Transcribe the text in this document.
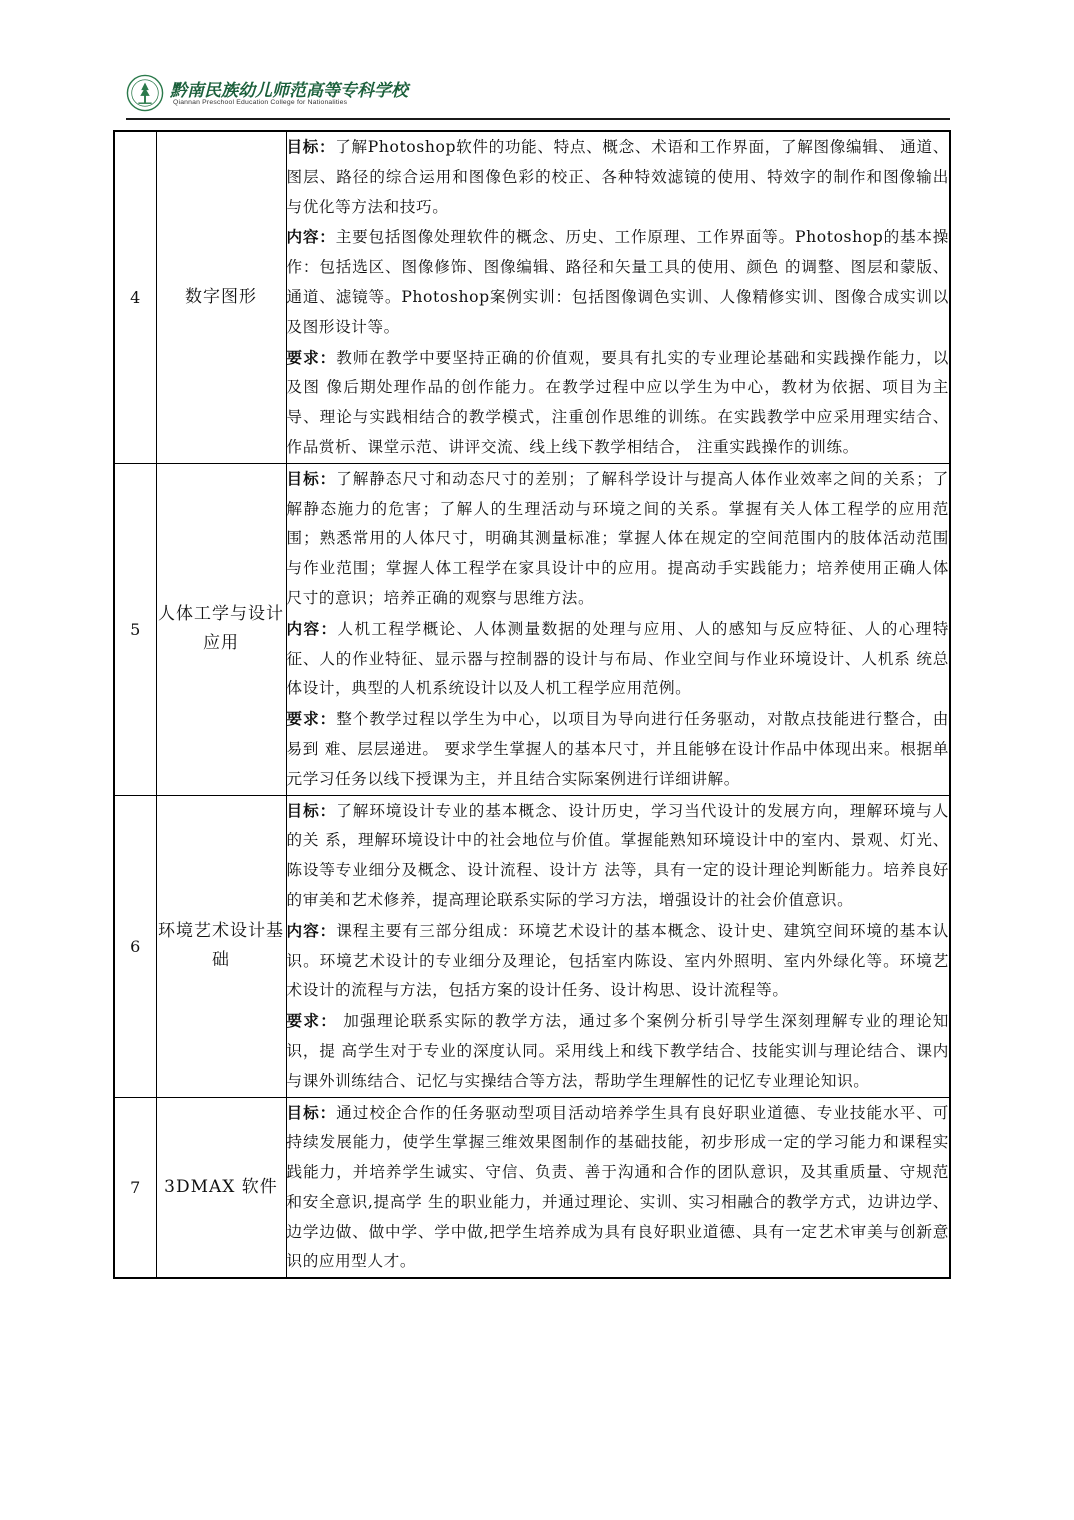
黔南民族幼儿师范高等专科学校
Qiannan Preschool Education College for Nationalities
4	数字图形	目标：了解Photoshop软件的功能、特点、概念、术语和工作界面，了解图像编辑、 通道、图层、路径的综合运用和图像色彩的校正、各种特效滤镜的使用、特效字的制作和图像输出与优化等方法和技巧。

内容：主要包括图像处理软件的概念、历史、工作原理、工作界面等。Photoshop的基本操作：包括选区、图像修饰、图像编辑、路径和矢量工具的使用、颜色 的调整、图层和蒙版、通道、滤镜等。Photoshop案例实训：包括图像调色实训、人像精修实训、图像合成实训以及图形设计等。

要求：教师在教学中要坚持正确的价值观，要具有扎实的专业理论基础和实践操作能力，以及图 像后期处理作品的创作能力。在教学过程中应以学生为中心，教材为依据、项目为主导、理论与实践相结合的教学模式，注重创作思维的训练。在实践教学中应采用理实结合、作品赏析、课堂示范、讲评交流、线上线下教学相结合， 注重实践操作的训练。

5	人体工学与设计应用	目标：了解静态尺寸和动态尺寸的差别；了解科学设计与提高人体作业效率之间的关系；了解静态施力的危害；了解人的生理活动与环境之间的关系。掌握有关人体工程学的应用范围；熟悉常用的人体尺寸，明确其测量标准；掌握人体在规定的空间范围内的肢体活动范围与作业范围；掌握人体工程学在家具设计中的应用。提高动手实践能力；培养使用正确人体尺寸的意识；培养正确的观察与思维方法。

内容：人机工程学概论、人体测量数据的处理与应用、人的感知与反应特征、人的心理特征、人的作业特征、显示器与控制器的设计与布局、作业空间与作业环境设计、人机系 统总体设计，典型的人机系统设计以及人机工程学应用范例。

要求：整个教学过程以学生为中心，以项目为导向进行任务驱动，对散点技能进行整合，由易到 难、层层递进。 要求学生掌握人的基本尺寸，并且能够在设计作品中体现出来。根据单元学习任务以线下授课为主，并且结合实际案例进行详细讲解。

6	环境艺术设计基础	目标：了解环境设计专业的基本概念、设计历史，学习当代设计的发展方向，理解环境与人的关 系，理解环境设计中的社会地位与价值。掌握能熟知环境设计中的室内、景观、灯光、陈设等专业细分及概念、设计流程、设计方 法等，具有一定的设计理论判断能力。培养良好的审美和艺术修养，提高理论联系实际的学习方法，增强设计的社会价值意识。

内容：课程主要有三部分组成：环境艺术设计的基本概念、设计史、建筑空间环境的基本认识。环境艺术设计的专业细分及理论，包括室内陈设、室内外照明、室内外绿化等。环境艺术设计的流程与方法，包括方案的设计任务、设计构思、设计流程等。

要求： 加强理论联系实际的教学方法，通过多个案例分析引导学生深刻理解专业的理论知识，提 高学生对于专业的深度认同。采用线上和线下教学结合、技能实训与理论结合、课内与课外训练结合、记忆与实操结合等方法，帮助学生理解性的记忆专业理论知识。

7	3DMAX 软件	目标：通过校企合作的任务驱动型项目活动培养学生具有良好职业道德、专业技能水平、可持续发展能力，使学生掌握三维效果图制作的基础技能，初步形成一定的学习能力和课程实践能力，并培养学生诚实、守信、负责、善于沟通和合作的团队意识，及其重质量、守规范和安全意识,提高学 生的职业能力，并通过理论、实训、实习相融合的教学方式，边讲边学、边学边做、做中学、学中做,把学生培养成为具有良好职业道德、具有一定艺术审美与创新意识的应用型人才。
